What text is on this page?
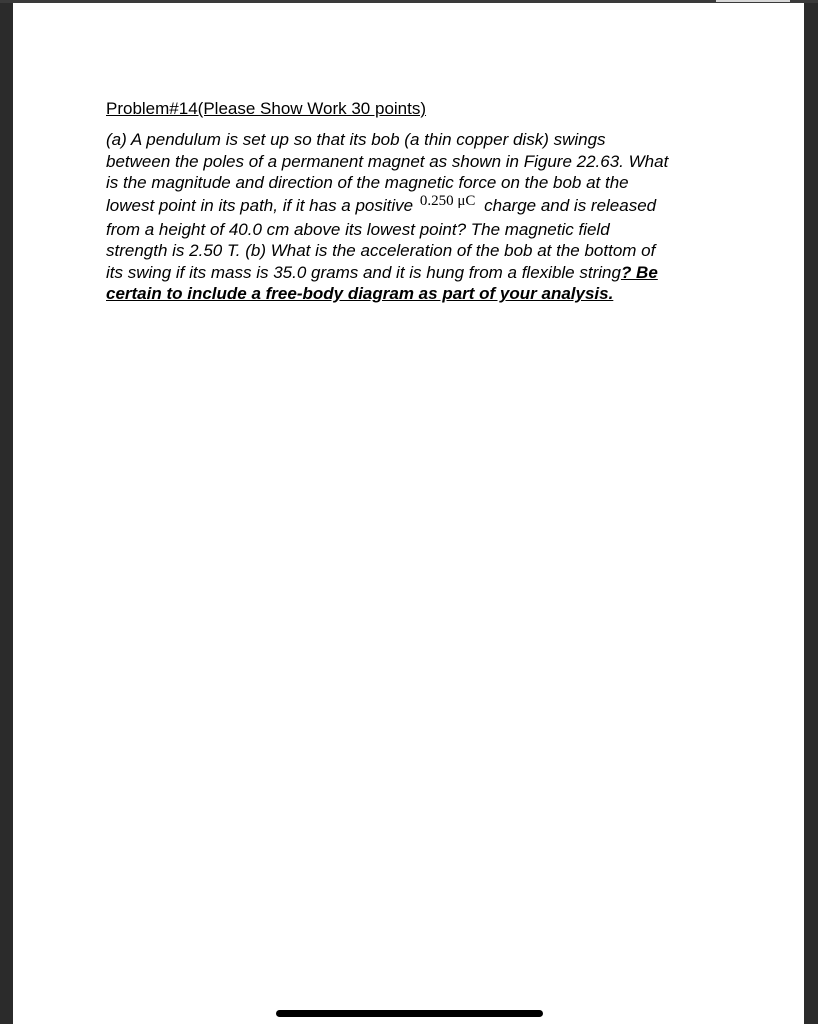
Problem#14(Please Show Work 30 points)

(a) A pendulum is set up so that its bob (a thin copper disk) swings
between the poles of a permanent magnet as shown in Figure 22.63. What
is the magnitude and direction of the magnetic force on the bob at the
lowest point in its path, if it has a positive 0.250 μC charge and is released
from a height of 40.0 cm above its lowest point? The magnetic field
strength is 2.50 T. (b) What is the acceleration of the bob at the bottom of
its swing if its mass is 35.0 grams and it is hung from a flexible string? Be
certain to include a free-body diagram as part of your analysis.
